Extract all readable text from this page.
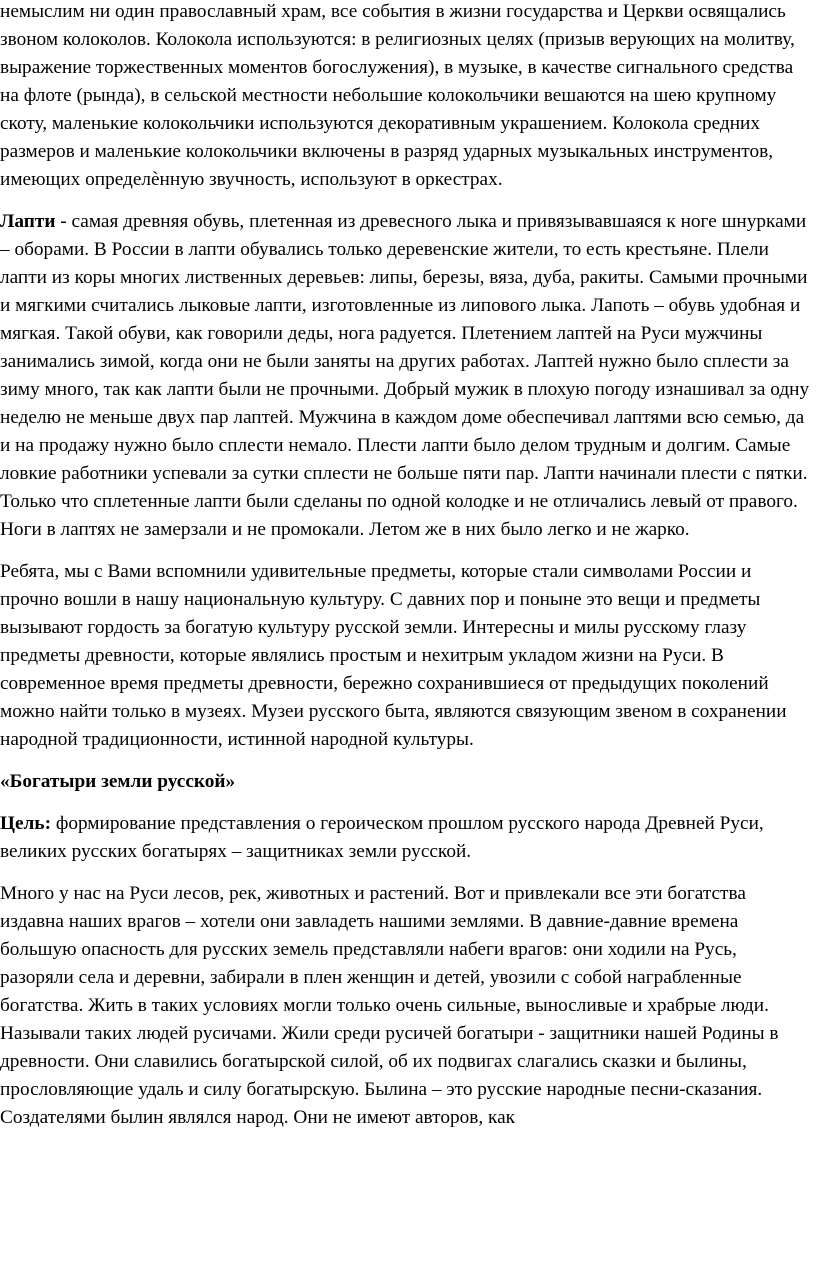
немыслим ни один православный храм, все события в жизни государства и Церкви освящались звоном колоколов. Колокола используются: в религиозных целях (призыв верующих на молитву, выражение торжественных моментов богослужения), в музыке, в качестве сигнального средства на флоте (рында), в сельской местности небольшие колокольчики вешаются на шею крупному скоту, маленькие колокольчики используются декоративным украшением. Колокола средних размеров и маленькие колокольчики включены в разряд ударных музыкальных инструментов, имеющих определѐнную звучность, используют в оркестрах.

Лапти - самая древняя обувь, плетенная из древесного лыка и привязывавшаяся к ноге шнурками – оборами. В России в лапти обувались только деревенские жители, то есть крестьяне. Плели лапти из коры многих лиственных деревьев: липы, березы, вяза, дуба, ракиты. Самыми прочными и мягкими считались лыковые лапти, изготовленные из липового лыка. Лапоть – обувь удобная и мягкая. Такой обуви, как говорили деды, нога радуется. Плетением лаптей на Руси мужчины занимались зимой, когда они не были заняты на других работах. Лаптей нужно было сплести за зиму много, так как лапти были не прочными. Добрый мужик в плохую погоду изнашивал за одну неделю не меньше двух пар лаптей. Мужчина в каждом доме обеспечивал лаптями всю семью, да и на продажу нужно было сплести немало. Плести лапти было делом трудным и долгим. Самые ловкие работники успевали за сутки сплести не больше пяти пар. Лапти начинали плести с пятки. Только что сплетенные лапти были сделаны по одной колодке и не отличались левый от правого. Ноги в лаптях не замерзали и не промокали. Летом же в них было легко и не жарко.

Ребята, мы с Вами вспомнили удивительные предметы, которые стали символами России и прочно вошли в нашу национальную культуру. С давних пор и поныне это вещи и предметы вызывают гордость за богатую культуру русской земли. Интересны и милы русскому глазу предметы древности, которые являлись простым и нехитрым укладом жизни на Руси. В современное время предметы древности, бережно сохранившиеся от предыдущих поколений можно найти только в музеях. Музеи русского быта, являются связующим звеном в сохранении народной традиционности, истинной народной культуры.

«Богатыри земли русской»

Цель: формирование представления о героическом прошлом русского народа Древней Руси, великих русских богатырях – защитниках земли русской.

Много у нас на Руси лесов, рек, животных и растений. Вот и привлекали все эти богатства издавна наших врагов – хотели они завладеть нашими землями. В давние-давние времена большую опасность для русских земель представляли набеги врагов: они ходили на Русь, разоряли села и деревни, забирали в плен женщин и детей, увозили с собой награбленные богатства. Жить в таких условиях могли только очень сильные, выносливые и храбрые люди. Называли таких людей русичами. Жили среди русичей богатыри - защитники нашей Родины в древности. Они славились богатырской силой, об их подвигах слагались сказки и былины, прословляющие удаль и силу богатырскую. Былина – это русские народные песни-сказания. Создателями былин являлся народ. Они не имеют авторов, как
